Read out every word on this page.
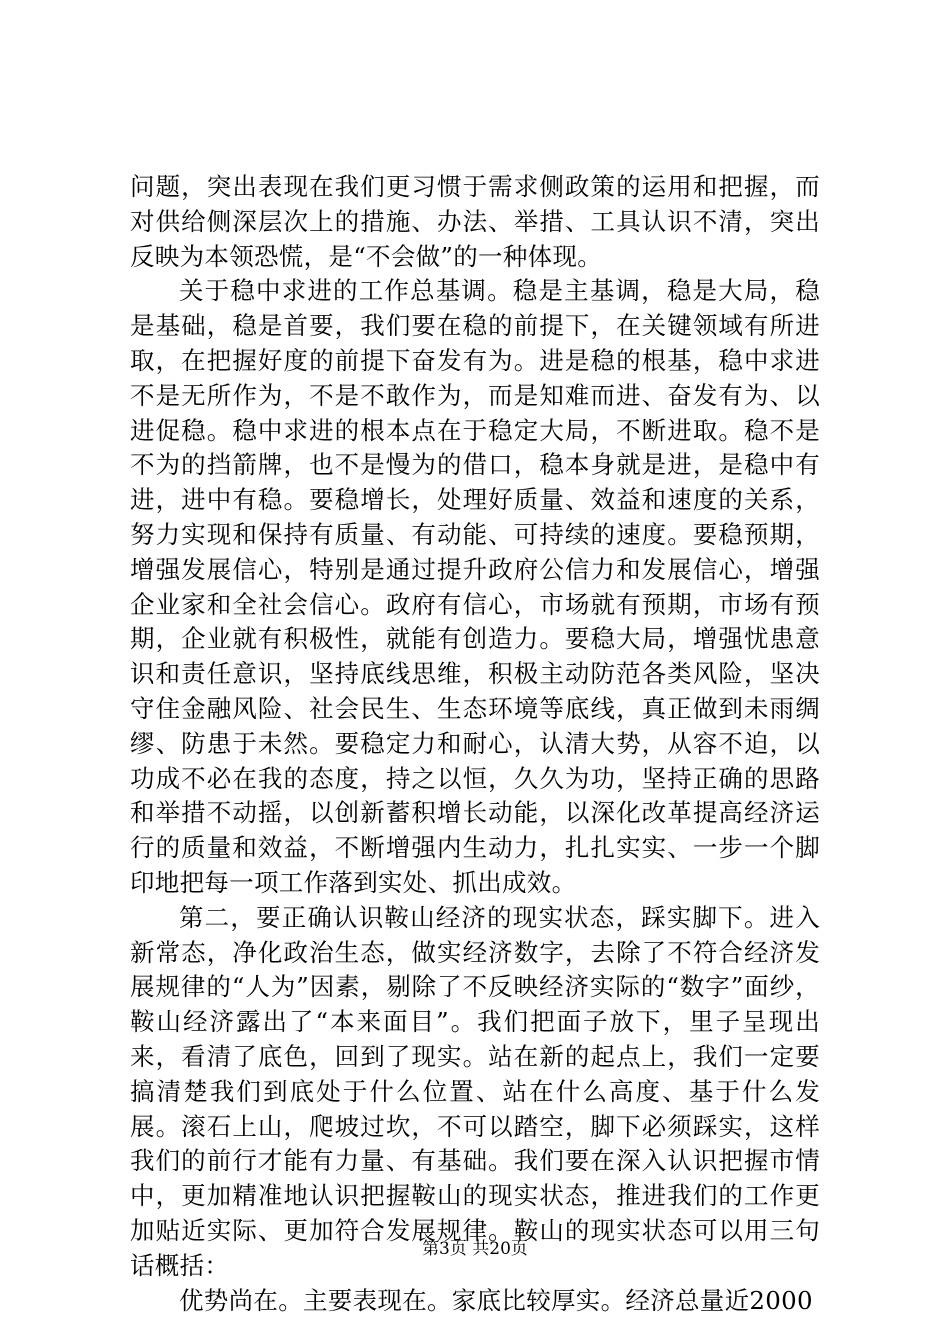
问题，突出表现在我们更习惯于需求侧政策的运用和把握，而对供给侧深层次上的措施、办法、举措、工具认识不清，突出反映为本领恐慌，是“不会做”的一种体现。

关于稳中求进的工作总基调。稳是主基调，稳是大局，稳是基础，稳是首要，我们要在稳的前提下，在关键领域有所进取，在把握好度的前提下奋发有为。进是稳的根基，稳中求进不是无所作为，不是不敢作为，而是知难而进、奋发有为、以进促稳。稳中求进的根本点在于稳定大局，不断进取。稳不是不为的挡箭牌，也不是慢为的借口，稳本身就是进，是稳中有进，进中有稳。要稳增长，处理好质量、效益和速度的关系，努力实现和保持有质量、有动能、可持续的速度。要稳预期，增强发展信心，特别是通过提升政府公信力和发展信心，增强企业家和全社会信心。政府有信心，市场就有预期，市场有预期，企业就有积极性，就能有创造力。要稳大局，增强忧患意识和责任意识，坚持底线思维，积极主动防范各类风险，坚决守住金融风险、社会民生、生态环境等底线，真正做到未雨绸缪、防患于未然。要稳定力和耐心，认清大势，从容不迫，以功成不必在我的态度，持之以恒，久久为功，坚持正确的思路和举措不动摇，以创新蓄积增长动能，以深化改革提高经济运行的质量和效益，不断增强内生动力，扎扎实实、一步一个脚印地把每一项工作落到实处、抓出成效。

第二，要正确认识鞍山经济的现实状态，踩实脚下。进入新常态，净化政治生态，做实经济数字，去除了不符合经济发展规律的“人为”因素，剔除了不反映经济实际的“数字”面纱，鞍山经济露出了“本来面目”。我们把面子放下，里子呈现出来，看清了底色，回到了现实。站在新的起点上，我们一定要搞清楚我们到底处于什么位置、站在什么高度、基于什么发展。滚石上山，爬坡过坎，不可以踏空，脚下必须踩实，这样我们的前行才能有力量、有基础。我们要在深入认识把握市情中，更加精准地认识把握鞍山的现实状态，推进我们的工作更加贴近实际、更加符合发展规律。鞍山的现实状态可以用三句话概括：

优势尚在。主要表现在。家底比较厚实。经济总量近2000

第3页 共20页
